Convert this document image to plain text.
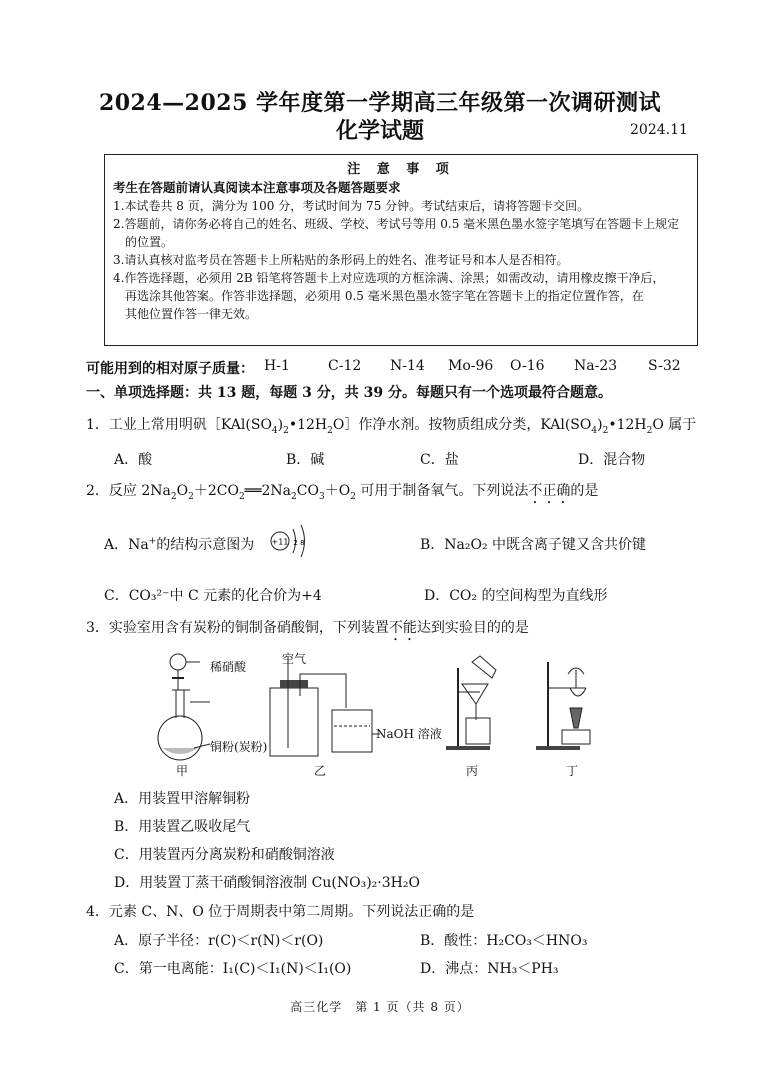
2024—2025 学年度第一学期高三年级第一次调研测试
化学试题	2024.11
注 意 事 项
考生在答题前请认真阅读本注意事项及各题答题要求
1.本试卷共 8 页，满分为 100 分，考试时间为 75 分钟。考试结束后，请将答题卡交回。
2.答题前，请你务必将自己的姓名、班级、学校、考试号等用 0.5 毫米黑色墨水签字笔填写在答题卡上规定
的位置。
3.请认真核对监考员在答题卡上所粘贴的条形码上的姓名、准考证号和本人是否相符。
4.作答选择题，必须用 2B 铅笔将答题卡上对应选项的方框涂满、涂黑；如需改动，请用橡皮擦干净后，
再选涂其他答案。作答非选择题，必须用 0.5 毫米黑色墨水签字笔在答题卡上的指定位置作答，在
其他位置作答一律无效。
可能用到的相对原子质量： H-1	C-12 N-14 Mo-96 O-16 Na-23 S-32
一、单项选择题：共 13 题，每题 3 分，共 39 分。每题只有一个选项最符合题意。
1．工业上常用明矾$[KAl(SO_4)_2•12H_2O]$作净水剂。按物质组成分类，$KAl(SO_4)_2•12H_2O$ 属于
A．酸	B．碱	C．盐	D．混合物
2．反应 $2Na_2O_2+2CO_2══2Na_2CO_3+O_2$ 可用于制备氧气。下列说法不正确的是
A．Na+的结构示意图为 +11 2 8	B．Na₂O₂ 中既含离子键又含共价键
C．CO₃²⁻中 C 元素的化合价为+4	D．CO₂ 的空间构型为直线形
3．实验室用含有炭粉的铜制备硝酸铜，下列装置不能达到实验目的的是
稀硝酸
铜粉(炭粉)
空气
NaOH 溶液
甲	乙	丙	丁
A．用装置甲溶解铜粉
B．用装置乙吸收尾气
C．用装置丙分离炭粉和硝酸铜溶液
D．用装置丁蒸干硝酸铜溶液制 Cu(NO₃)₂·3H₂O
4．元素 C、N、O 位于周期表中第二周期。下列说法正确的是
A．原子半径：r(C)＜r(N)＜r(O)	B．酸性：H₂CO₃＜HNO₃
C．第一电离能：I₁(C)＜I₁(N)＜I₁(O)	D．沸点：NH₃＜PH₃
高三化学　第 1 页（共 8 页）
